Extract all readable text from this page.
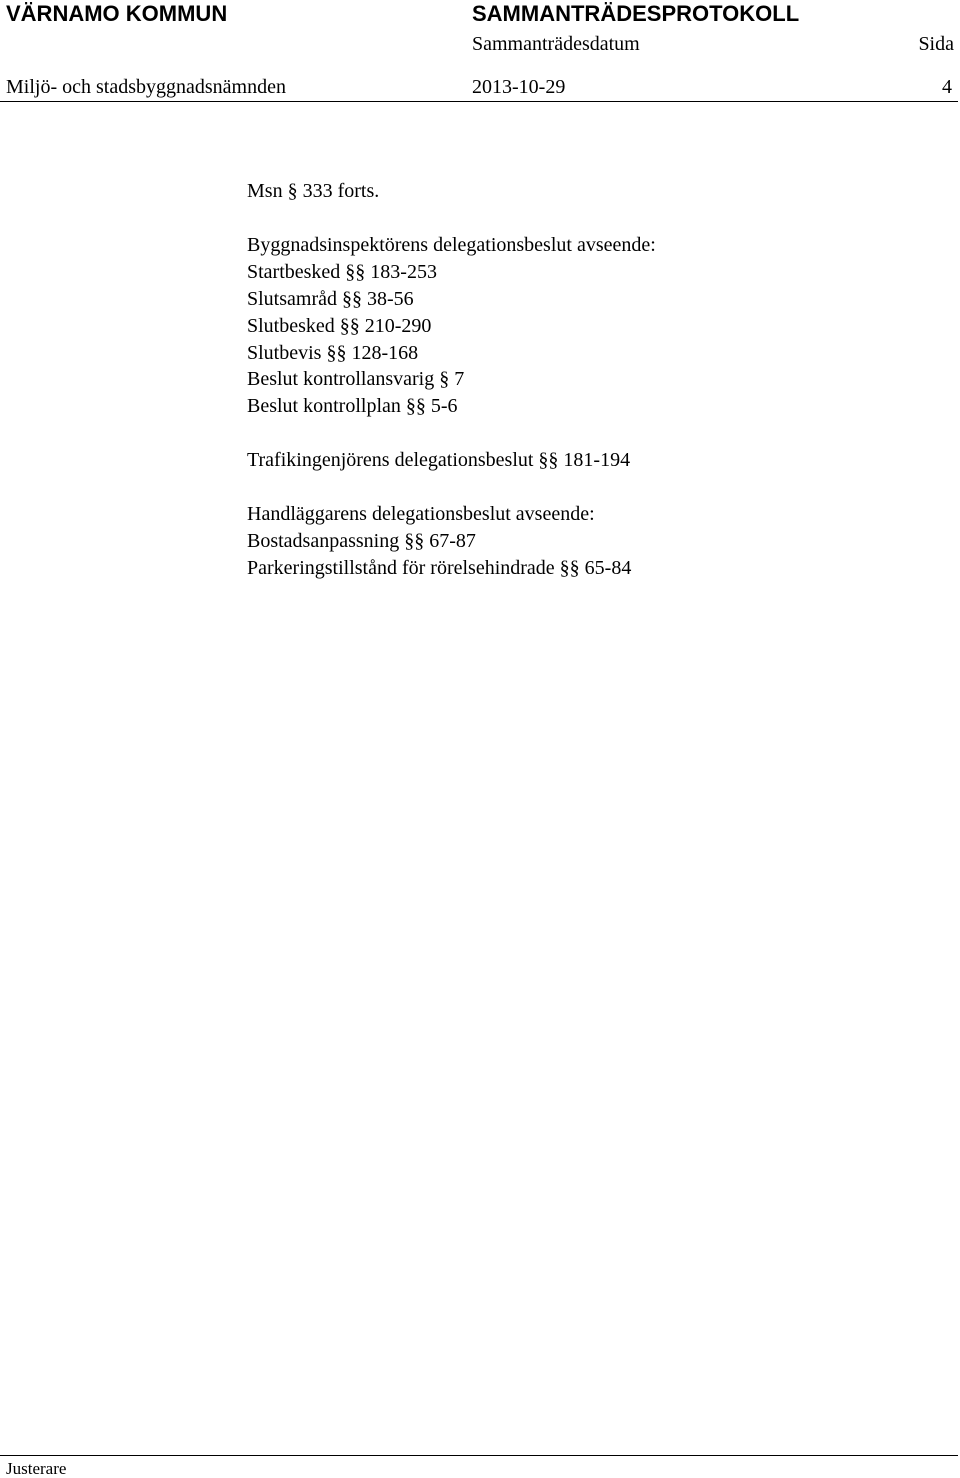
VÄRNAMO KOMMUN	SAMMANTRÄDESPROTOKOLL
Sammanträdesdatum	Sida
Miljö- och stadsbyggnadsnämnden	2013-10-29	4
Msn § 333 forts.
Byggnadsinspektörens delegationsbeslut avseende:
Startbesked §§ 183-253
Slutsamråd §§ 38-56
Slutbesked §§ 210-290
Slutbevis §§ 128-168
Beslut kontrollansvarig § 7
Beslut kontrollplan §§ 5-6
Trafikingenjörens delegationsbeslut §§ 181-194
Handläggarens delegationsbeslut avseende:
Bostadsanpassning §§ 67-87
Parkeringstillstånd för rörelsehindrade §§ 65-84
Justerare
